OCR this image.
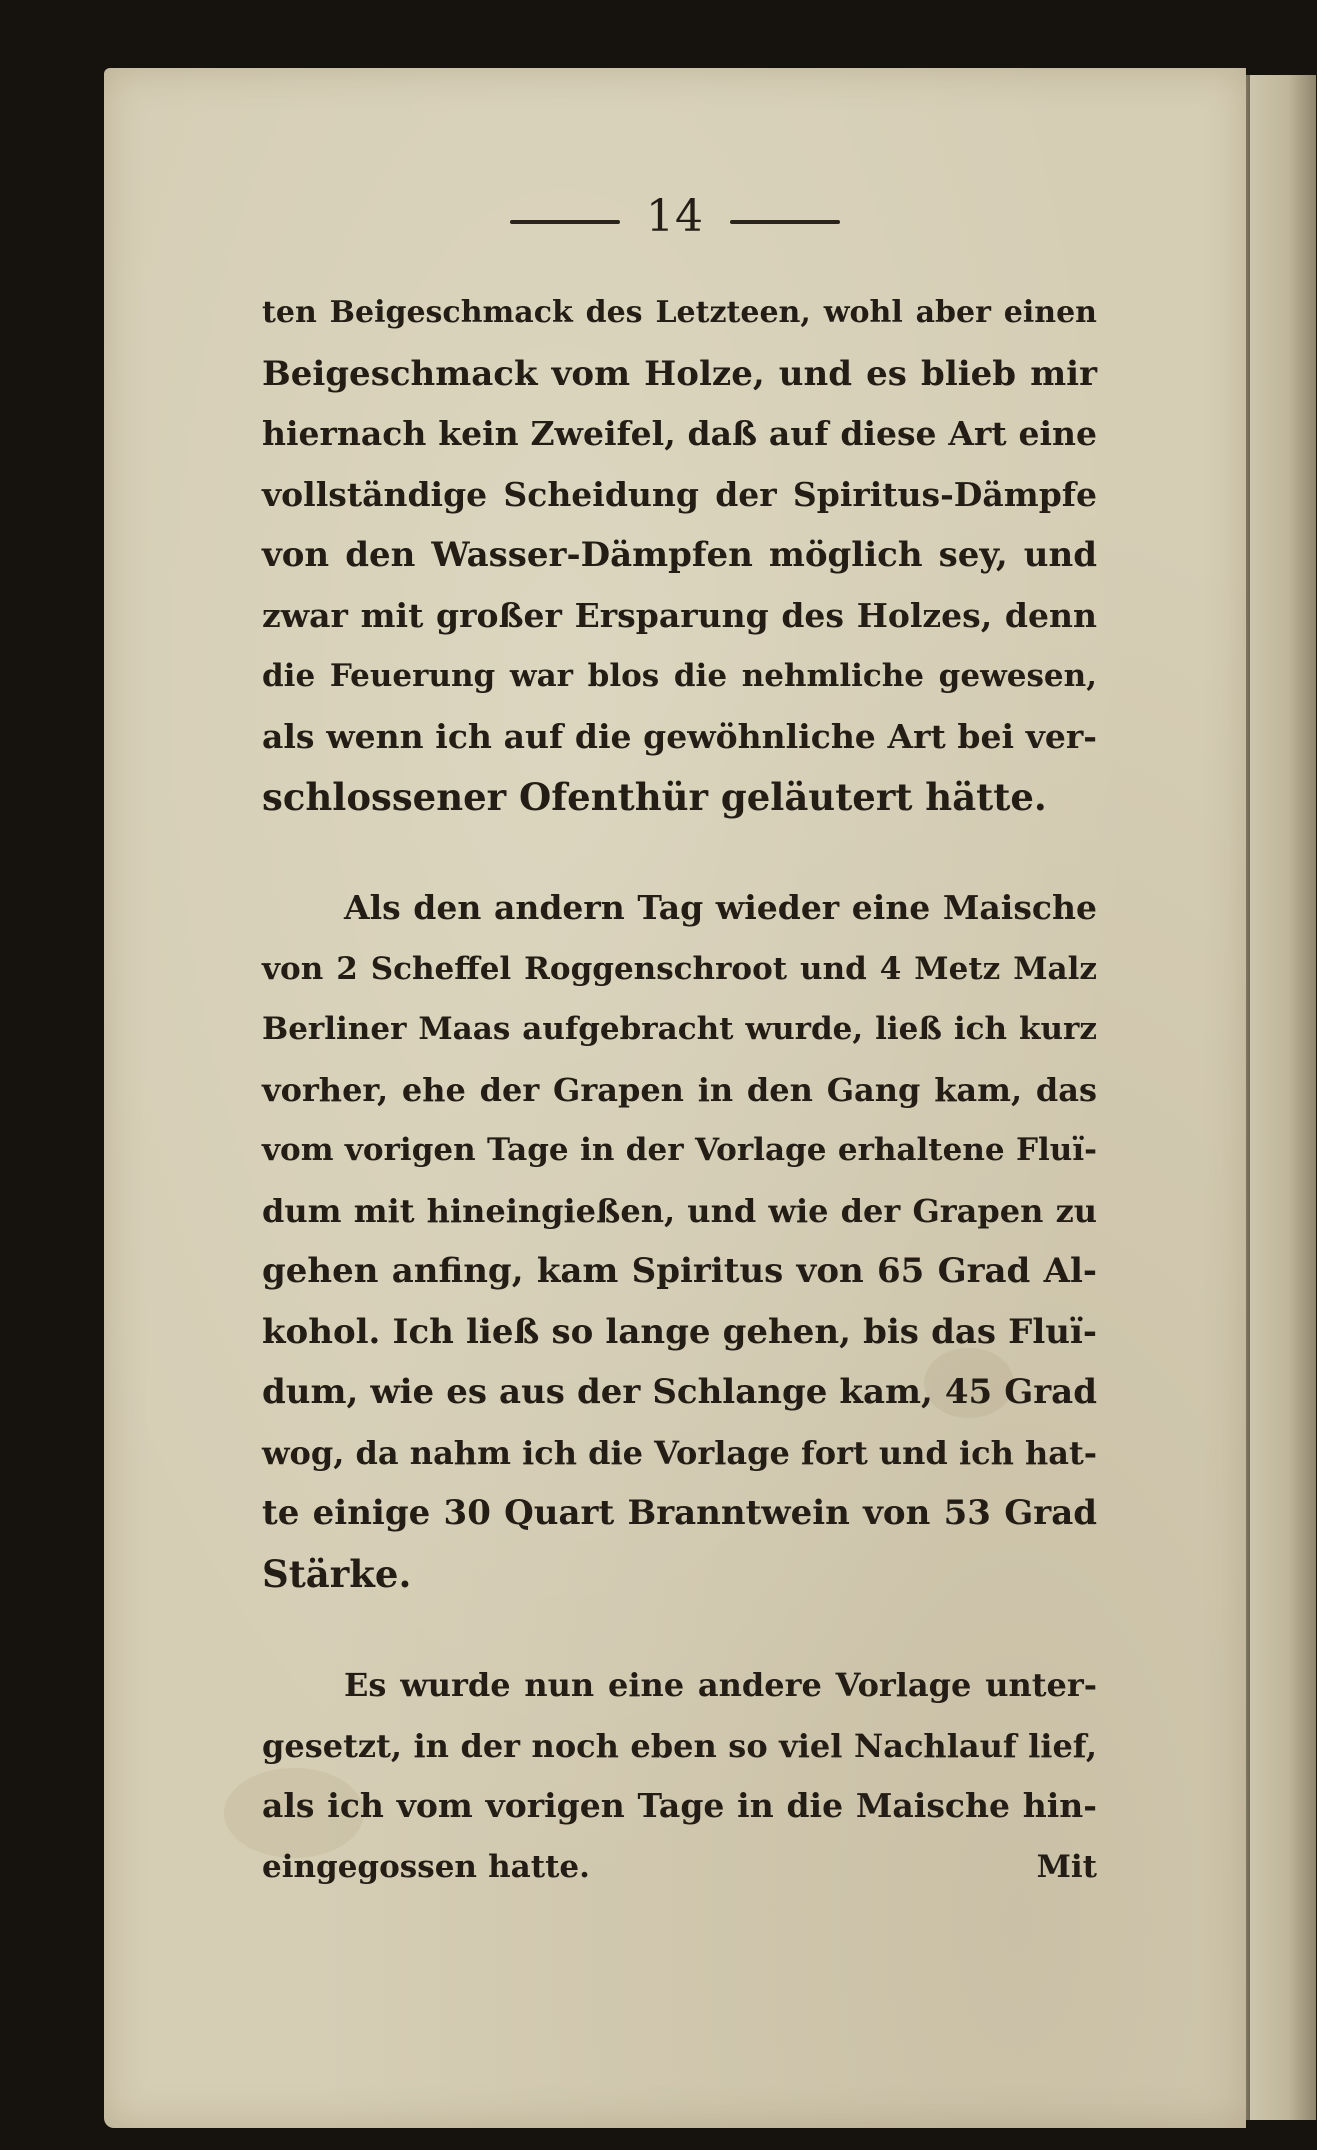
14
ten Beigeschmack des Letzteen, wohl aber einen
Beigeschmack vom Holze, und es blieb mir
hiernach kein Zweifel, daß auf diese Art eine
vollständige Scheidung der Spiritus-Dämpfe
von den Wasser-Dämpfen möglich sey, und
zwar mit großer Ersparung des Holzes, denn
die Feuerung war blos die nehmliche gewesen,
als wenn ich auf die gewöhnliche Art bei ver-
schlossener Ofenthür geläutert hätte.
Als den andern Tag wieder eine Maische
von 2 Scheffel Roggenschroot und 4 Metz Malz
Berliner Maas aufgebracht wurde, ließ ich kurz
vorher, ehe der Grapen in den Gang kam, das
vom vorigen Tage in der Vorlage erhaltene Fluï-
dum mit hineingießen, und wie der Grapen zu
gehen anfing, kam Spiritus von 65 Grad Al-
kohol. Ich ließ so lange gehen, bis das Fluï-
dum, wie es aus der Schlange kam, 45 Grad
wog, da nahm ich die Vorlage fort und ich hat-
te einige 30 Quart Branntwein von 53 Grad
Stärke.
Es wurde nun eine andere Vorlage unter-
gesetzt, in der noch eben so viel Nachlauf lief,
als ich vom vorigen Tage in die Maische hin-
eingegossen hatte.                                        Mit
